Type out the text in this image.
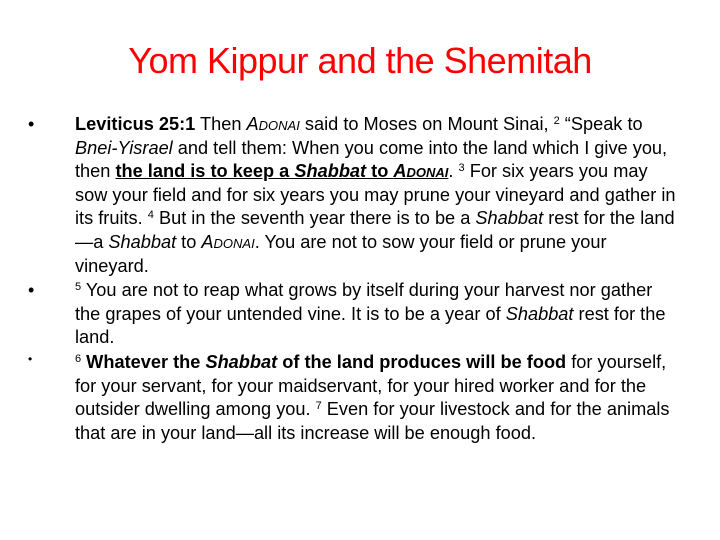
Yom Kippur and the Shemitah
•	Leviticus 25:1 Then Adonai said to Moses on Mount Sinai, $^2$ “Speak to Bnei-Yisrael and tell them: When you come into the land which I give you, then the land is to keep a Shabbat to Adonai. $^3$ For six years you may sow your field and for six years you may prune your vineyard and gather in its fruits. $^4$ But in the seventh year there is to be a Shabbat rest for the land—a Shabbat to Adonai. You are not to sow your field or prune your vineyard.
•	$^5$ You are not to reap what grows by itself during your harvest nor gather the grapes of your untended vine. It is to be a year of Shabbat rest for the land.
•	$^6$ Whatever the Shabbat of the land produces will be food for yourself, for your servant, for your maidservant, for your hired worker and for the outsider dwelling among you. $^7$ Even for your livestock and for the animals that are in your land—all its increase will be enough food.
